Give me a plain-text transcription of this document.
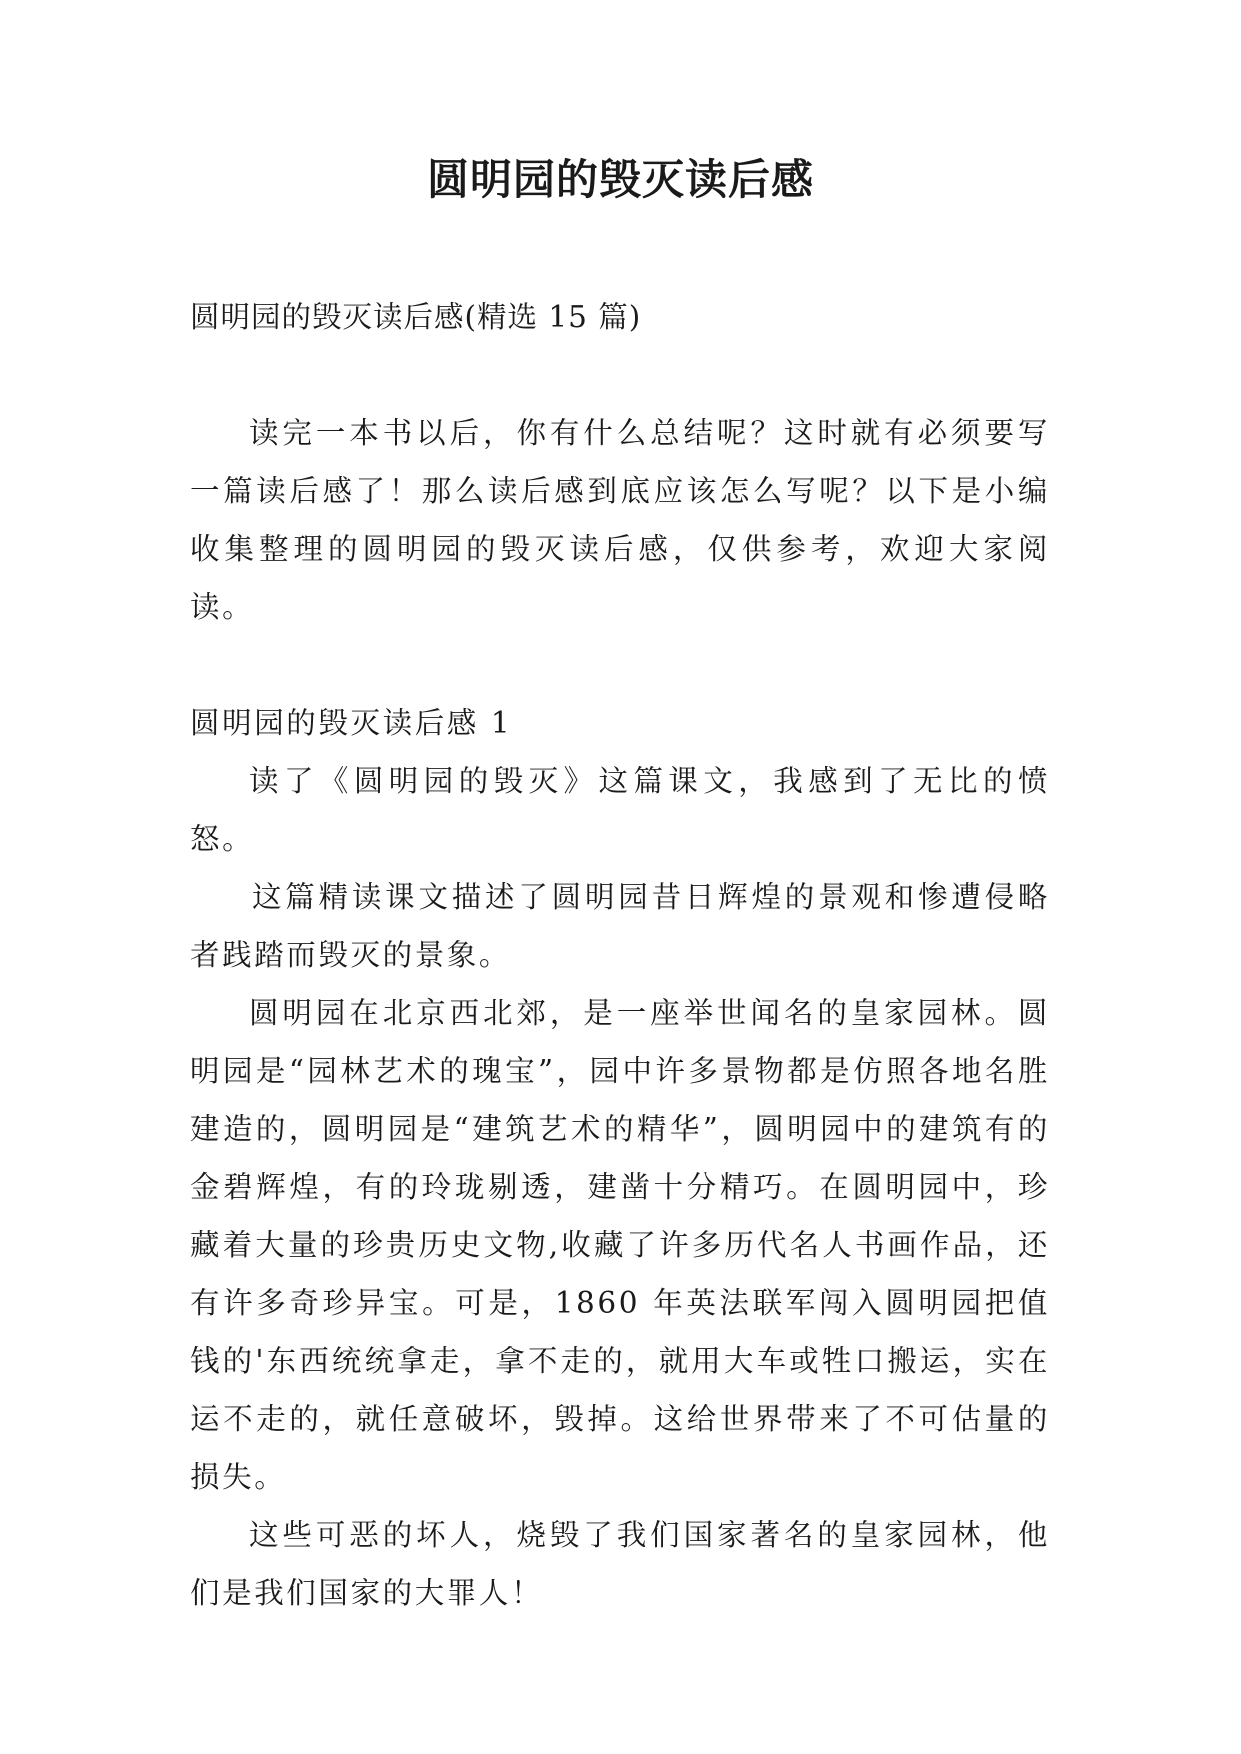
圆明园的毁灭读后感

圆明园的毁灭读后感(精选 15 篇)

读完一本书以后，你有什么总结呢？这时就有必须要写一篇读后感了！那么读后感到底应该怎么写呢？以下是小编收集整理的圆明园的毁灭读后感，仅供参考，欢迎大家阅读。

圆明园的毁灭读后感 1

读了《圆明园的毁灭》这篇课文，我感到了无比的愤怒。

这篇精读课文描述了圆明园昔日辉煌的景观和惨遭侵略者践踏而毁灭的景象。

圆明园在北京西北郊，是一座举世闻名的皇家园林。圆明园是“园林艺术的瑰宝”，园中许多景物都是仿照各地名胜建造的，圆明园是“建筑艺术的精华”，圆明园中的建筑有的金碧辉煌，有的玲珑剔透，建凿十分精巧。在圆明园中，珍藏着大量的珍贵历史文物,收藏了许多历代名人书画作品，还有许多奇珍异宝。可是，1860 年英法联军闯入圆明园把值钱的'东西统统拿走，拿不走的，就用大车或牲口搬运，实在运不走的，就任意破坏，毁掉。这给世界带来了不可估量的损失。

这些可恶的坏人，烧毁了我们国家著名的皇家园林，他们是我们国家的大罪人！
